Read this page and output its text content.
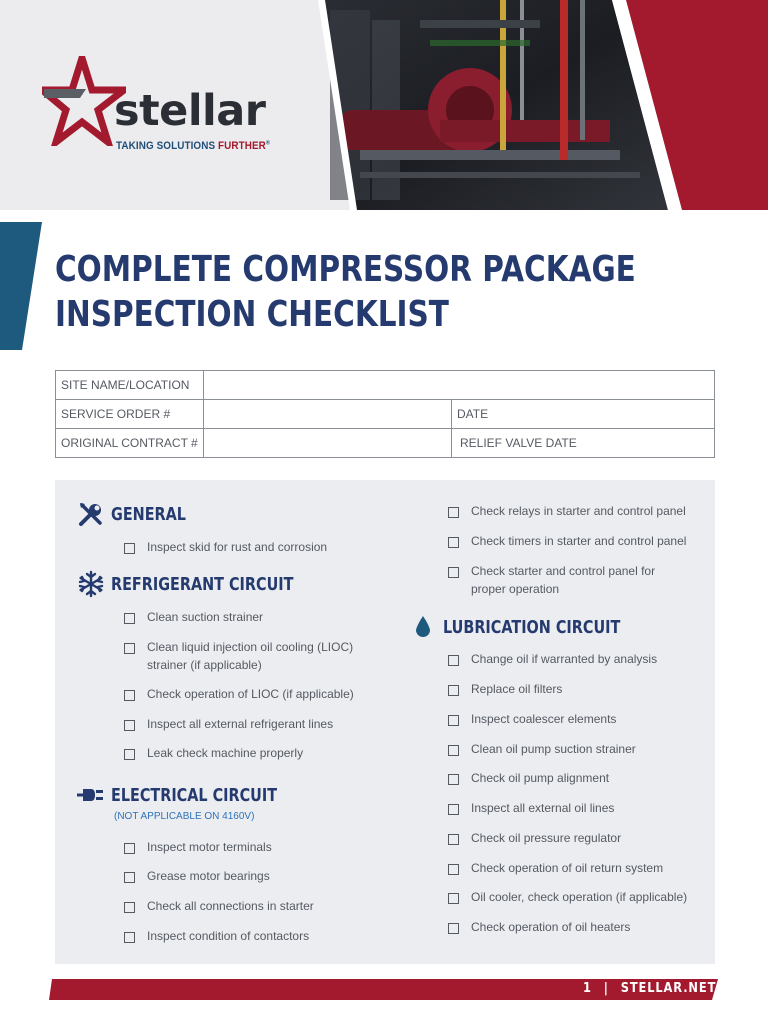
stellar
TAKING SOLUTIONS FURTHER®
COMPLETE COMPRESSOR PACKAGE
INSPECTION CHECKLIST
SITE NAME/LOCATION		
SERVICE ORDER #		DATE
ORIGINAL CONTRACT #		RELIEF VALVE DATE
GENERAL
Inspect skid for rust and corrosion
REFRIGERANT CIRCUIT
Clean suction strainer
Clean liquid injection oil cooling (LIOC)
strainer (if applicable)
Check operation of LIOC (if applicable)
Inspect all external refrigerant lines
Leak check machine properly
ELECTRICAL CIRCUIT
(NOT APPLICABLE ON 4160V)
Inspect motor terminals
Grease motor bearings
Check all connections in starter
Inspect condition of contactors
Check relays in starter and control panel
Check timers in starter and control panel
Check starter and control panel for
proper operation
LUBRICATION CIRCUIT
Change oil if warranted by analysis
Replace oil filters
Inspect coalescer elements
Clean oil pump suction strainer
Check oil pump alignment
Inspect all external oil lines
Check oil pressure regulator
Check operation of oil return system
Oil cooler, check operation (if applicable)
Check operation of oil heaters
1 | STELLAR.NET
